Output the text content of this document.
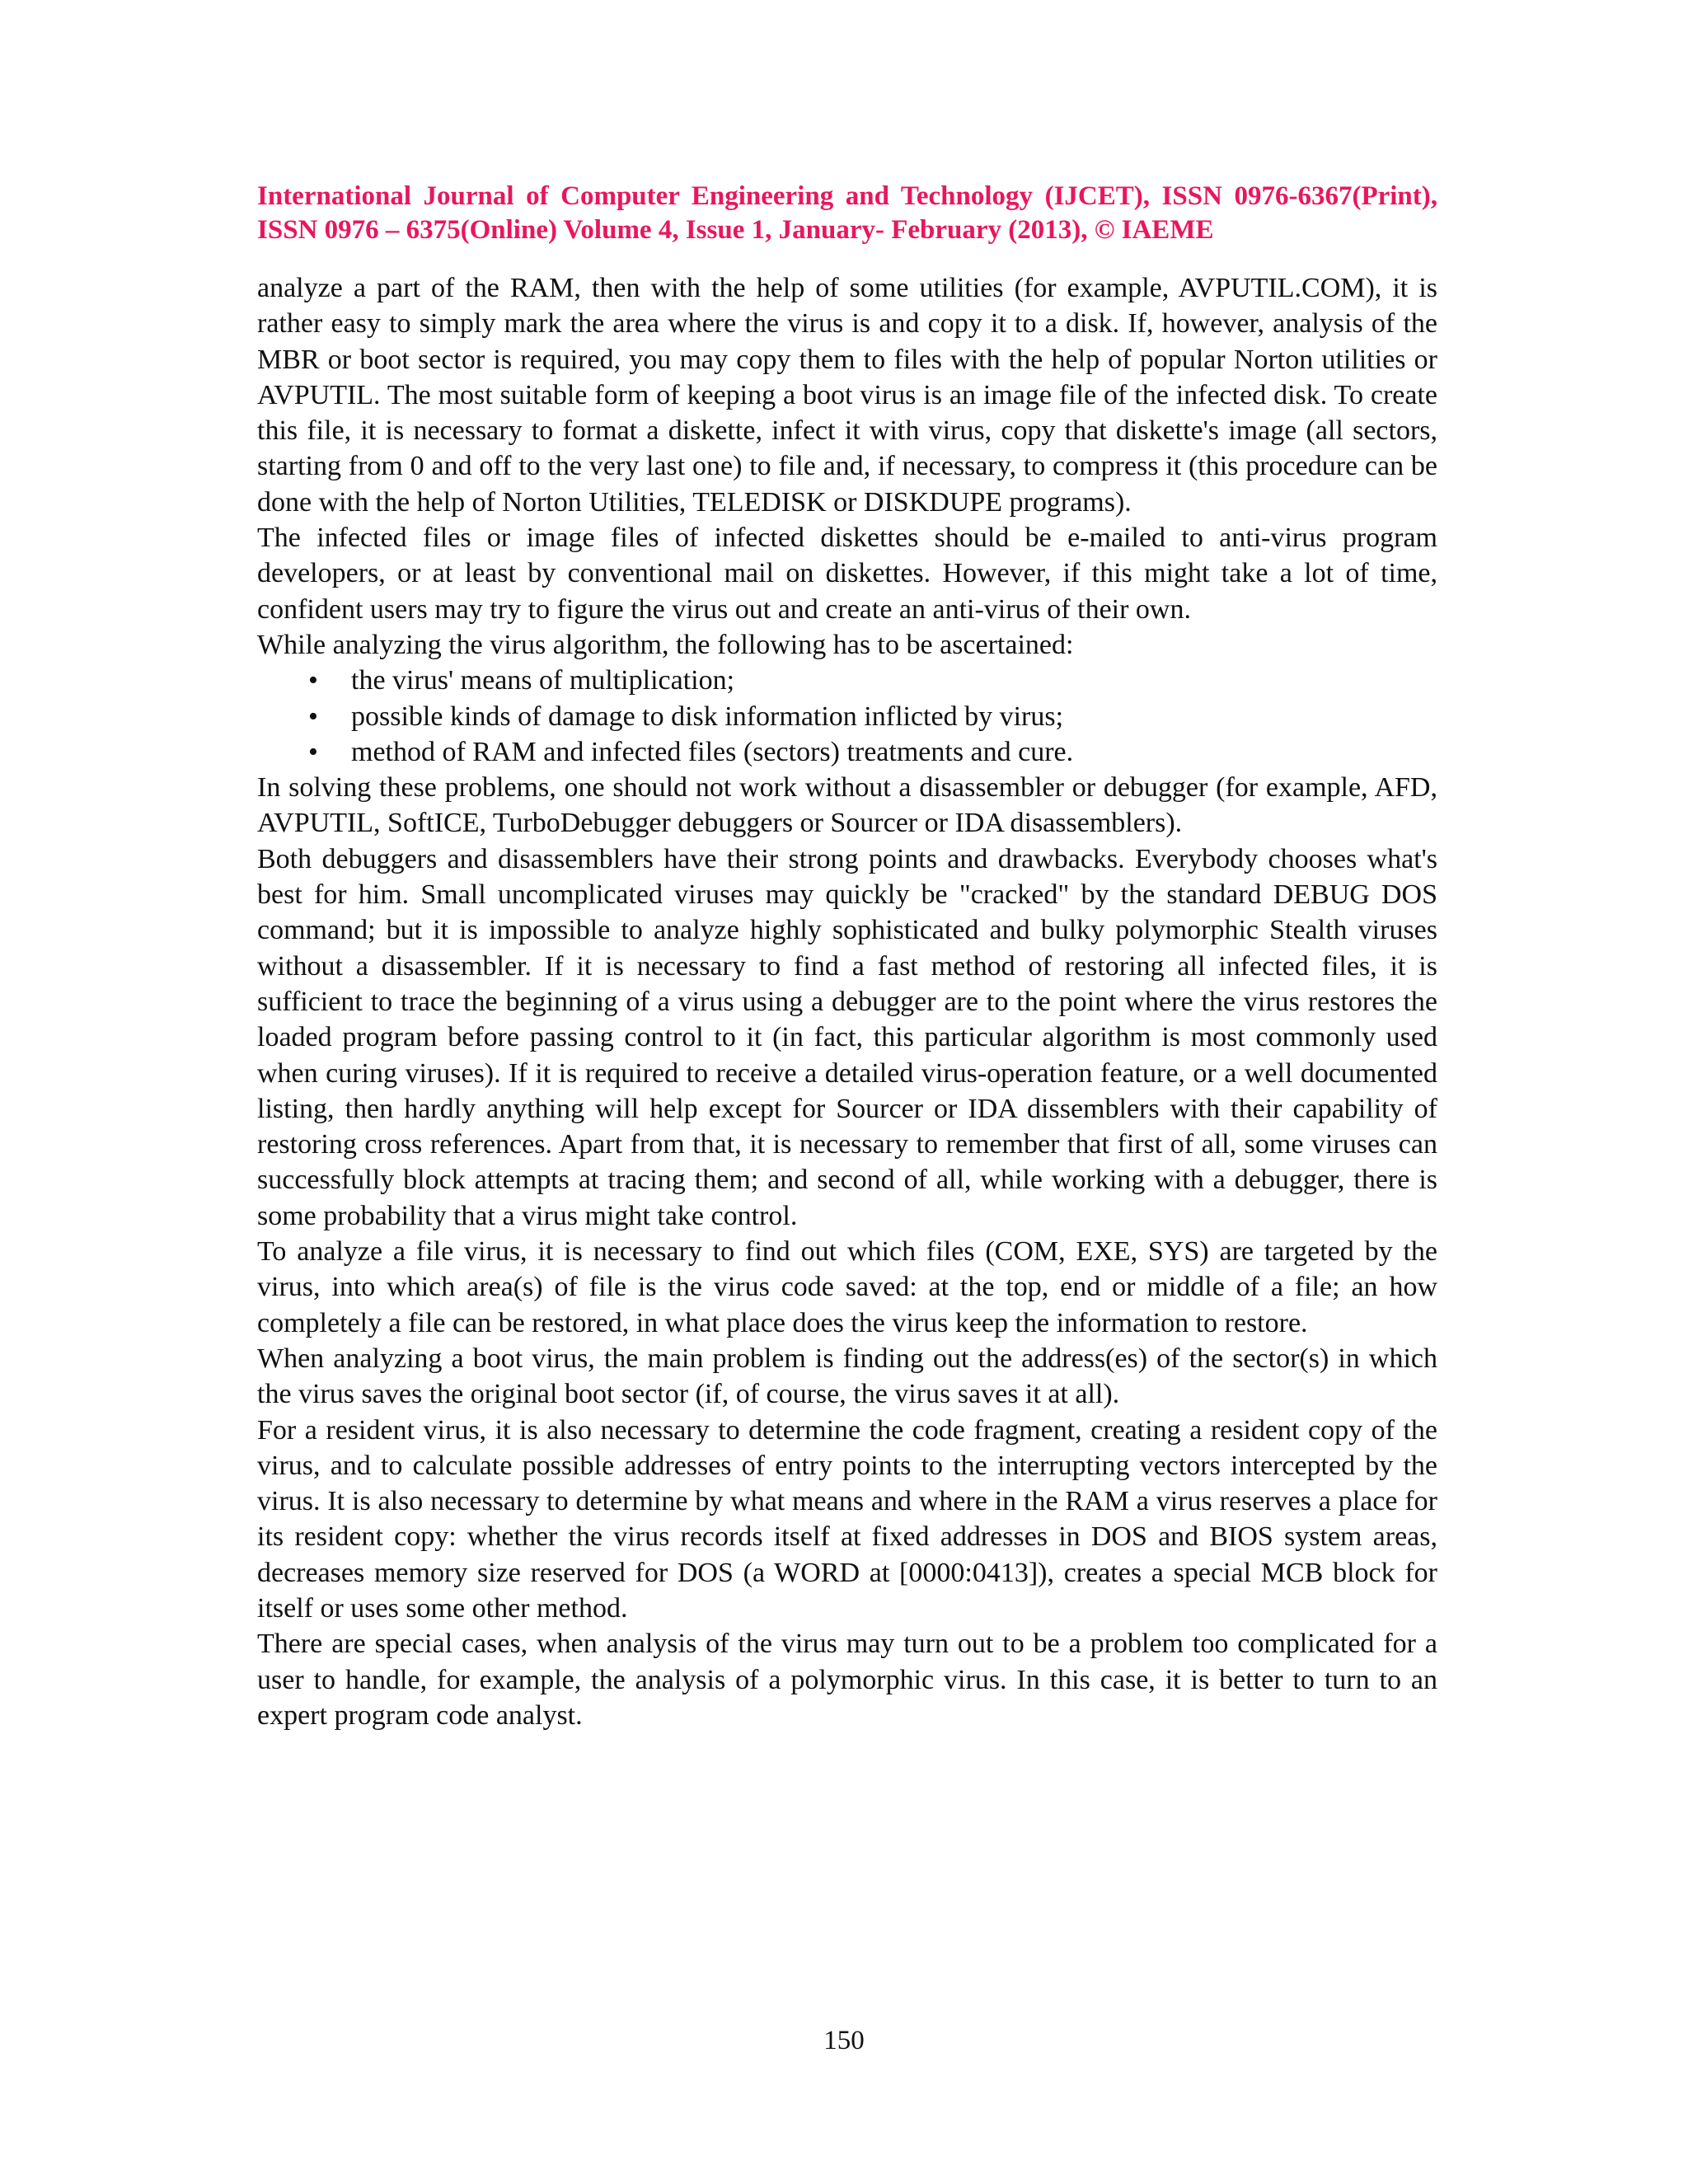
International Journal of Computer Engineering and Technology (IJCET), ISSN 0976-6367(Print), ISSN 0976 – 6375(Online) Volume 4, Issue 1, January- February (2013), © IAEME

analyze a part of the RAM, then with the help of some utilities (for example, AVPUTIL.COM), it is rather easy to simply mark the area where the virus is and copy it to a disk. If, however, analysis of the MBR or boot sector is required, you may copy them to files with the help of popular Norton utilities or AVPUTIL. The most suitable form of keeping a boot virus is an image file of the infected disk. To create this file, it is necessary to format a diskette, infect it with virus, copy that diskette's image (all sectors, starting from 0 and off to the very last one) to file and, if necessary, to compress it (this procedure can be done with the help of Norton Utilities, TELEDISK or DISKDUPE programs).

The infected files or image files of infected diskettes should be e-mailed to anti-virus program developers, or at least by conventional mail on diskettes. However, if this might take a lot of time, confident users may try to figure the virus out and create an anti-virus of their own.

While analyzing the virus algorithm, the following has to be ascertained:

• the virus' means of multiplication;
• possible kinds of damage to disk information inflicted by virus;
• method of RAM and infected files (sectors) treatments and cure.

In solving these problems, one should not work without a disassembler or debugger (for example, AFD, AVPUTIL, SoftICE, TurboDebugger debuggers or Sourcer or IDA disassemblers).

Both debuggers and disassemblers have their strong points and drawbacks. Everybody chooses what's best for him. Small uncomplicated viruses may quickly be "cracked" by the standard DEBUG DOS command; but it is impossible to analyze highly sophisticated and bulky polymorphic Stealth viruses without a disassembler. If it is necessary to find a fast method of restoring all infected files, it is sufficient to trace the beginning of a virus using a debugger are to the point where the virus restores the loaded program before passing control to it (in fact, this particular algorithm is most commonly used when curing viruses). If it is required to receive a detailed virus-operation feature, or a well documented listing, then hardly anything will help except for Sourcer or IDA dissemblers with their capability of restoring cross references. Apart from that, it is necessary to remember that first of all, some viruses can successfully block attempts at tracing them; and second of all, while working with a debugger, there is some probability that a virus might take control.

To analyze a file virus, it is necessary to find out which files (COM, EXE, SYS) are targeted by the virus, into which area(s) of file is the virus code saved: at the top, end or middle of a file; an how completely a file can be restored, in what place does the virus keep the information to restore.

When analyzing a boot virus, the main problem is finding out the address(es) of the sector(s) in which the virus saves the original boot sector (if, of course, the virus saves it at all).

For a resident virus, it is also necessary to determine the code fragment, creating a resident copy of the virus, and to calculate possible addresses of entry points to the interrupting vectors intercepted by the virus. It is also necessary to determine by what means and where in the RAM a virus reserves a place for its resident copy: whether the virus records itself at fixed addresses in DOS and BIOS system areas, decreases memory size reserved for DOS (a WORD at [0000:0413]), creates a special MCB block for itself or uses some other method.

There are special cases, when analysis of the virus may turn out to be a problem too complicated for a user to handle, for example, the analysis of a polymorphic virus. In this case, it is better to turn to an expert program code analyst.

150
